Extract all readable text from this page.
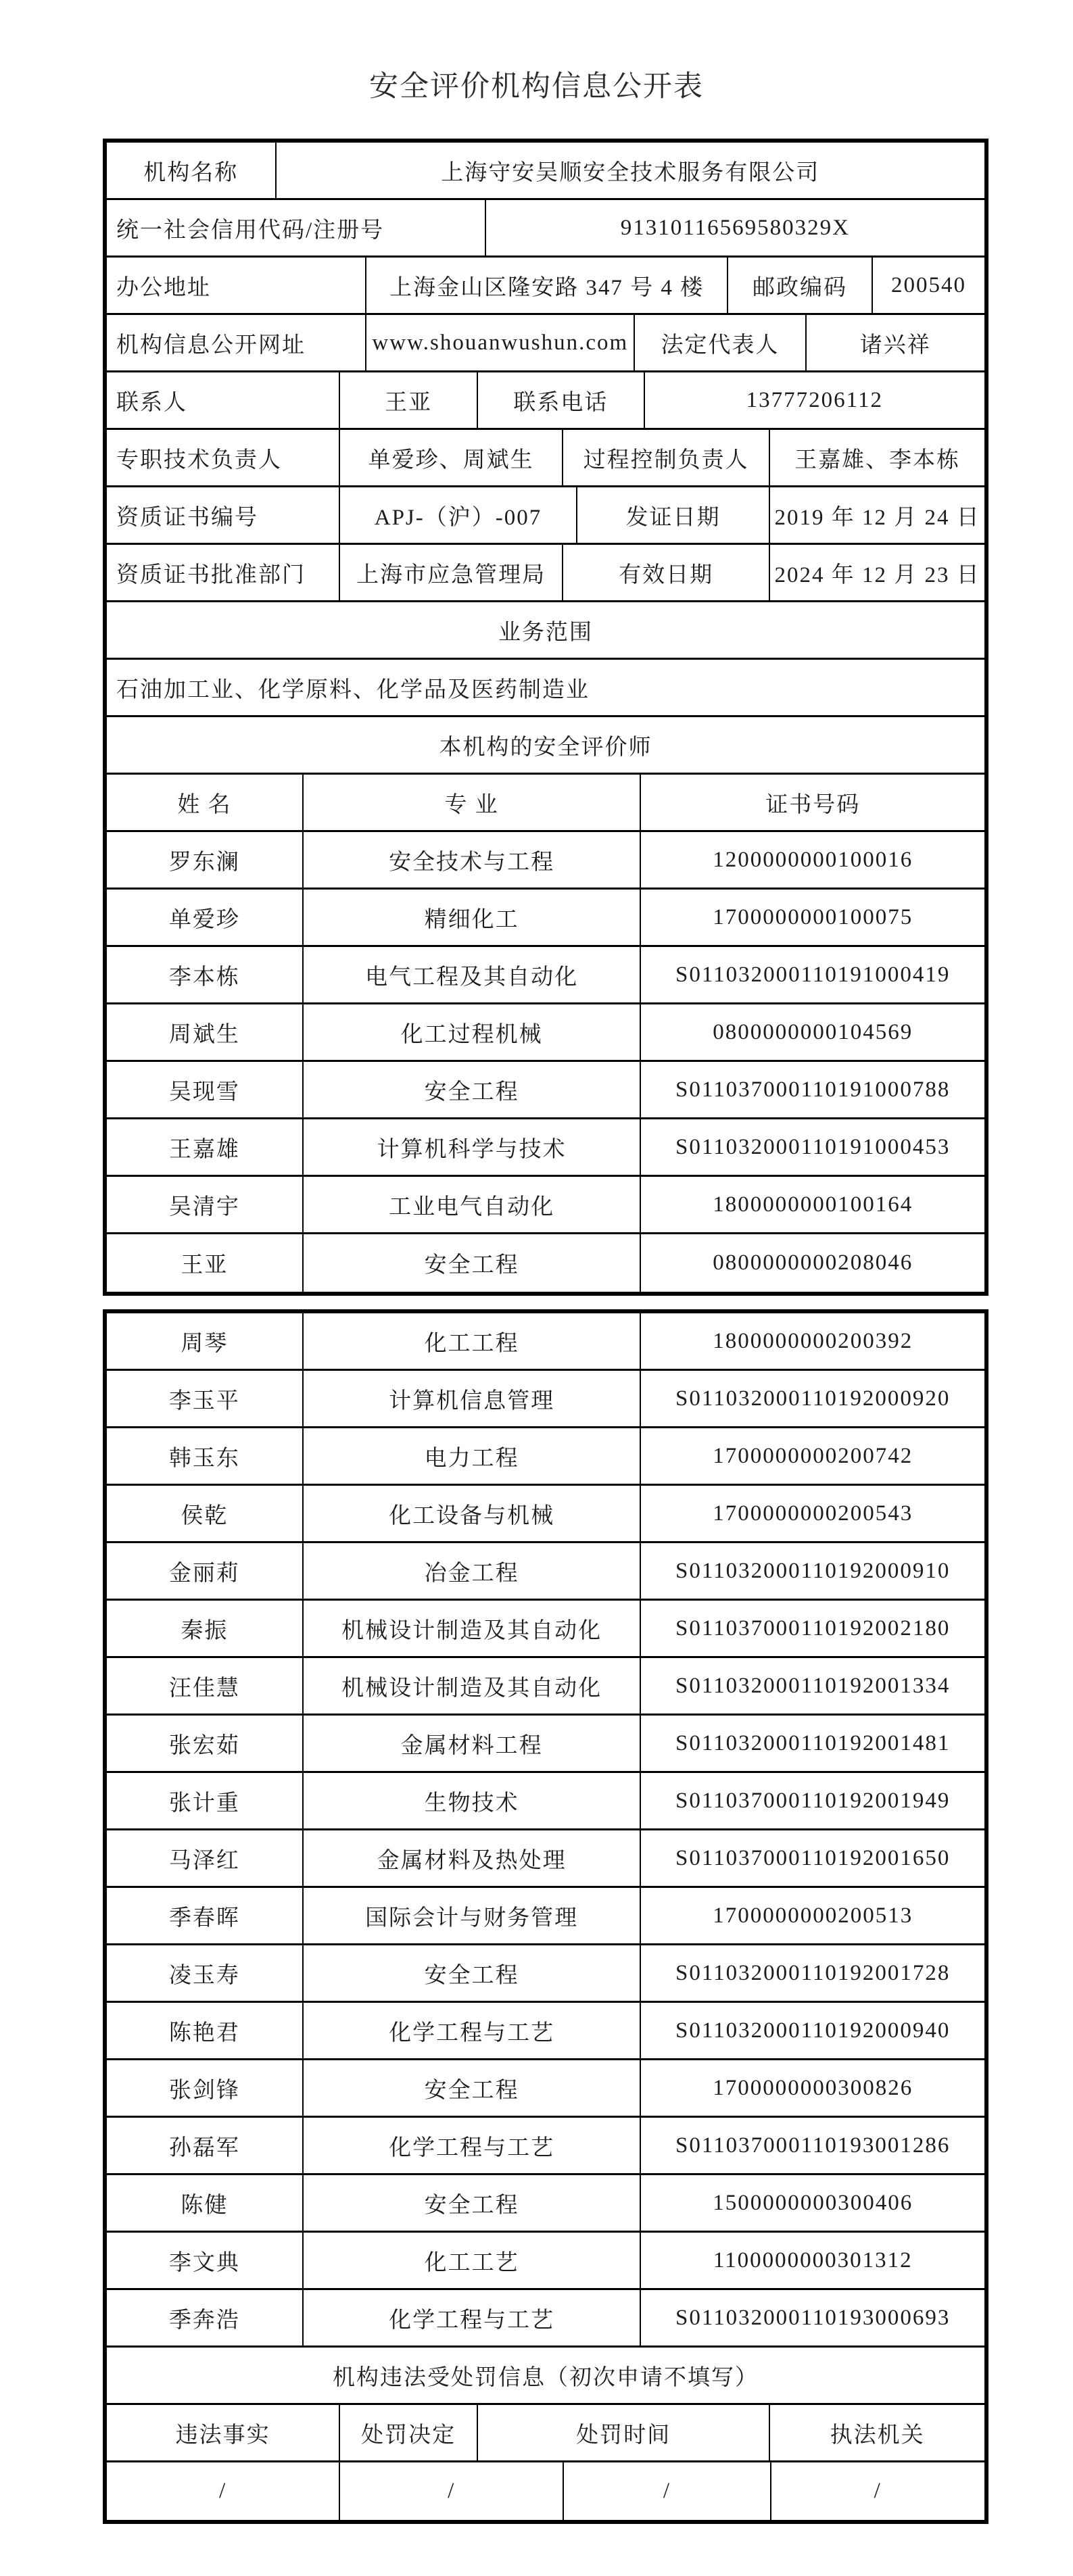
安全评价机构信息公开表
机构名称	上海守安吴顺安全技术服务有限公司
统一社会信用代码/注册号	91310116569580329X
办公地址	上海金山区隆安路 347 号 4 楼	邮政编码	200540
机构信息公开网址	www.shouanwushun.com	法定代表人	诸兴祥
联系人	王亚	联系电话	13777206112
专职技术负责人	单爱珍、周斌生	过程控制负责人	王嘉雄、李本栋
资质证书编号	APJ-（沪）-007	发证日期	2019 年 12 月 24 日
资质证书批准部门	上海市应急管理局	有效日期	2024 年 12 月 23 日
业务范围
石油加工业、化学原料、化学品及医药制造业
本机构的安全评价师
姓 名	专 业	证书号码
罗东澜	安全技术与工程	1200000000100016
单爱珍	精细化工	1700000000100075
李本栋	电气工程及其自动化	S011032000110191000419
周斌生	化工过程机械	0800000000104569
吴现雪	安全工程	S011037000110191000788
王嘉雄	计算机科学与技术	S011032000110191000453
吴清宇	工业电气自动化	1800000000100164
王亚	安全工程	0800000000208046
周琴	化工工程	1800000000200392
李玉平	计算机信息管理	S011032000110192000920
韩玉东	电力工程	1700000000200742
侯乾	化工设备与机械	1700000000200543
金丽莉	冶金工程	S011032000110192000910
秦振	机械设计制造及其自动化	S011037000110192002180
汪佳慧	机械设计制造及其自动化	S011032000110192001334
张宏茹	金属材料工程	S011032000110192001481
张计重	生物技术	S011037000110192001949
马泽红	金属材料及热处理	S011037000110192001650
季春晖	国际会计与财务管理	1700000000200513
凌玉寿	安全工程	S011032000110192001728
陈艳君	化学工程与工艺	S011032000110192000940
张剑锋	安全工程	1700000000300826
孙磊军	化学工程与工艺	S011037000110193001286
陈健	安全工程	1500000000300406
李文典	化工工艺	1100000000301312
季奔浩	化学工程与工艺	S011032000110193000693
机构违法受处罚信息（初次申请不填写）
违法事实	处罚决定	处罚时间	执法机关
/	/	/	/
